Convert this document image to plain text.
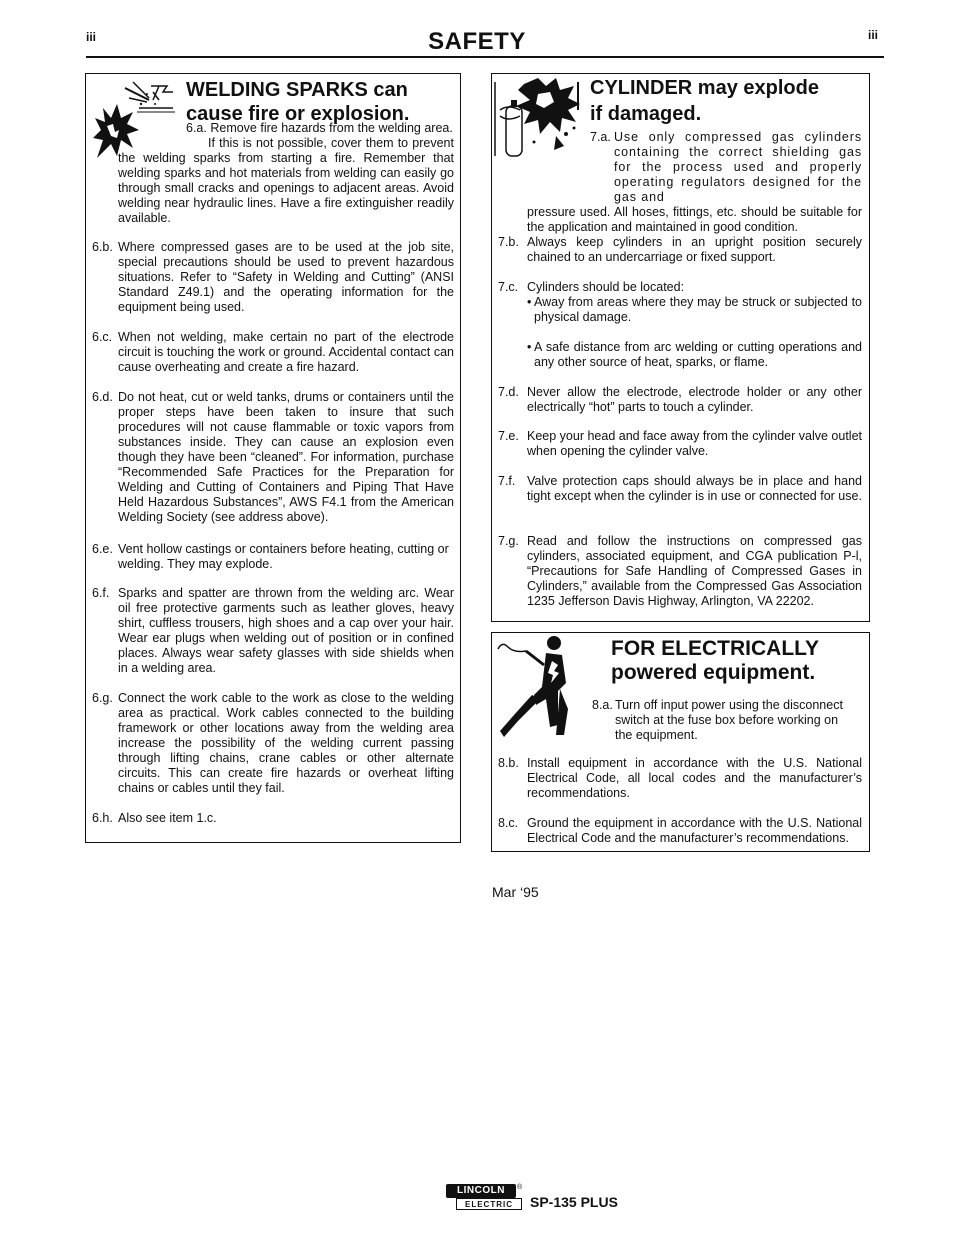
iii	SAFETY	iii
WELDING SPARKS can
cause fire or explosion.
6.a. Remove fire hazards from the welding area.
If this is not possible, cover them to prevent the welding sparks from starting a fire. Remember that welding sparks and hot materials from welding can easily go through small cracks and openings to adjacent areas. Avoid welding near hydraulic lines. Have a fire extinguisher readily available.
6.b. Where compressed gases are to be used at the job site, special precautions should be used to prevent hazardous situations. Refer to “Safety in Welding and Cutting” (ANSI Standard Z49.1) and the operating information for the equipment being used.
6.c. When not welding, make certain no part of the electrode circuit is touching the work or ground. Accidental contact can cause overheating and create a fire hazard.
6.d. Do not heat, cut or weld tanks, drums or containers until the proper steps have been taken to insure that such procedures will not cause flammable or toxic vapors from substances inside. They can cause an explosion even though they have been “cleaned”. For information, purchase “Recommended Safe Practices for the Preparation for Welding and Cutting of Containers and Piping That Have Held Hazardous Substances”, AWS F4.1 from the American Welding Society (see address above).
6.e. Vent hollow castings or containers before heating, cutting or welding. They may explode.
6.f. Sparks and spatter are thrown from the welding arc. Wear oil free protective garments such as leather gloves, heavy shirt, cuffless trousers, high shoes and a cap over your hair. Wear ear plugs when welding out of position or in confined places. Always wear safety glasses with side shields when in a welding area.
6.g. Connect the work cable to the work as close to the welding area as practical. Work cables connected to the building framework or other locations away from the welding area increase the possibility of the welding current passing through lifting chains, crane cables or other alternate circuits. This can create fire hazards or overheat lifting chains or cables until they fail.
6.h. Also see item 1.c.
CYLINDER may explode
if damaged.
7.a. Use only compressed gas cylinders containing the correct shielding gas for the process used and properly operating regulators designed for the gas and
pressure used. All hoses, fittings, etc. should be suitable for the application and maintained in good condition.
7.b. Always keep cylinders in an upright position securely chained to an undercarriage or fixed support.
7.c. Cylinders should be located:
• Away from areas where they may be struck or subjected to physical damage.
• A safe distance from arc welding or cutting operations and any other source of heat, sparks, or flame.
7.d. Never allow the electrode, electrode holder or any other electrically “hot” parts to touch a cylinder.
7.e. Keep your head and face away from the cylinder valve outlet when opening the cylinder valve.
7.f. Valve protection caps should always be in place and hand tight except when the cylinder is in use or connected for use.
7.g. Read and follow the instructions on compressed gas cylinders, associated equipment, and CGA publication P-l, “Precautions for Safe Handling of Compressed Gases in Cylinders,” available from the Compressed Gas Association 1235 Jefferson Davis Highway, Arlington, VA 22202.
FOR ELECTRICALLY
powered equipment.
8.a. Turn off input power using the disconnect switch at the fuse box before working on the equipment.
8.b. Install equipment in accordance with the U.S. National Electrical Code, all local codes and the manufacturer’s recommendations.
8.c. Ground the equipment in accordance with the U.S. National Electrical Code and the manufacturer’s recommendations.
Mar ‘95
LINCOLN	®
ELECTRIC	SP-135 PLUS
